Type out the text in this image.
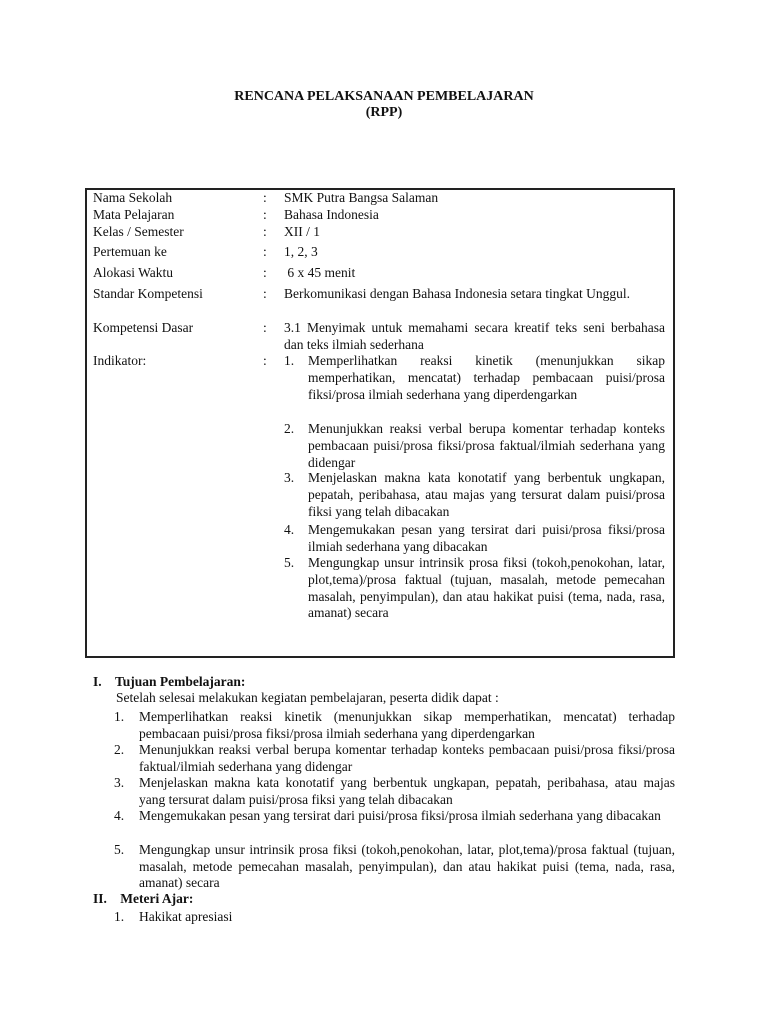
RENCANA PELAKSANAAN PEMBELAJARAN
(RPP)
Nama Sekolah	: SMK Putra Bangsa Salaman
Mata Pelajaran	: Bahasa Indonesia
Kelas / Semester	: XII / 1
Pertemuan ke	: 1, 2, 3
Alokasi Waktu	: 6 x 45 menit
Standar Kompetensi	: Berkomunikasi dengan Bahasa Indonesia setara tingkat Unggul.
Kompetensi Dasar	: 3.1 Menyimak untuk memahami secara kreatif teks seni berbahasa dan teks ilmiah sederhana
Indikator:	: 1. Memperlihatkan reaksi kinetik (menunjukkan sikap memperhatikan, mencatat) terhadap pembacaan puisi/prosa fiksi/prosa ilmiah sederhana yang diperdengarkan
2. Menunjukkan reaksi verbal berupa komentar terhadap konteks pembacaan puisi/prosa fiksi/prosa faktual/ilmiah sederhana yang didengar
3. Menjelaskan makna kata konotatif yang berbentuk ungkapan, pepatah, peribahasa, atau majas yang tersurat dalam puisi/prosa fiksi yang telah dibacakan
4. Mengemukakan pesan yang tersirat dari puisi/prosa fiksi/prosa ilmiah sederhana yang dibacakan
5. Mengungkap unsur intrinsik prosa fiksi (tokoh,penokohan, latar, plot,tema)/prosa faktual (tujuan, masalah, metode pemecahan masalah, penyimpulan), dan atau hakikat puisi (tema, nada, rasa, amanat) secara
I. Tujuan Pembelajaran:
Setelah selesai melakukan kegiatan pembelajaran, peserta didik dapat :
1. Memperlihatkan reaksi kinetik (menunjukkan sikap memperhatikan, mencatat) terhadap pembacaan puisi/prosa fiksi/prosa ilmiah sederhana yang diperdengarkan
2. Menunjukkan reaksi verbal berupa komentar terhadap konteks pembacaan puisi/prosa fiksi/prosa faktual/ilmiah sederhana yang didengar
3. Menjelaskan makna kata konotatif yang berbentuk ungkapan, pepatah, peribahasa, atau majas yang tersurat dalam puisi/prosa fiksi yang telah dibacakan
4. Mengemukakan pesan yang tersirat dari puisi/prosa fiksi/prosa ilmiah sederhana yang dibacakan
5. Mengungkap unsur intrinsik prosa fiksi (tokoh,penokohan, latar, plot,tema)/prosa faktual (tujuan, masalah, metode pemecahan masalah, penyimpulan), dan atau hakikat puisi (tema, nada, rasa, amanat) secara
II. Meteri Ajar:
1. Hakikat apresiasi
